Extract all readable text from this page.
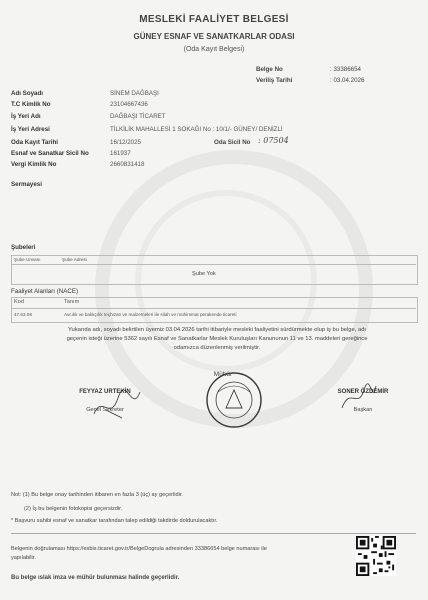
MESLEKİ FAALİYET BELGESİ
GÜNEY ESNAF VE SANATKARLAR ODASI
(Oda Kayıt Belgesi)
Belge No	: 33386654
Veriliş Tarihi	: 03.04.2026
Adı Soyadı	SİNEM DAĞBAŞI
T.C Kimlik No	23104667436
İş Yeri Adı	DAĞBAŞI TİCARET
İş Yeri Adresi	TİLKİLİK MAHALLESİ 1 SOKAĞI No : 10/1/- GÜNEY/ DENİZLİ
Oda Kayıt Tarihi	16/12/2025	Oda Sicil No : 07504
Esnaf ve Sanatkar Sicil No	161937
Vergi Kimlik No	2660831418
Sermayesi
Şubeleri
Şube Unvanı	Şube Adresi
Şube Yok
Faaliyet Alanları (NACE)
Kod	Tanım
47.63.08	Avcılık ve balıkçılık teçhizatı ve malzemeleri ile silah ve mühimmat perakende ticareti
Yukarıda adı, soyadı belirtilen üyemiz 03.04.2026 tarihi itibariyle mesleki faaliyetini sürdürmekte olup iş bu belge, adı
geçenin isteği üzerine 5362 sayılı Esnaf ve Sanatkarlar Meslek Kuruluşları Kanununun 11 ve 13. maddeleri gereğince
odamızca düzenlenmiş verilmiştir.
FEYYAZ URTEKİN
Genel Sekreter
Mühür
SONER ÖZDEMİR
Başkan
Not: (1) Bu belge onay tarihinden itibaren en fazla 3 (üç) ay geçerlidir.
(2) İş bu belgenin fotokopisi geçersizdir.
* Başvuru sahibi esnaf ve sanatkar tarafından talep edildiği takdirde doldurulacaktır.
Belgenin doğrulaması https://esbis.ticaret.gov.tr/BelgeDogrula adresinden 33386654 belge numarası ile
yapılabilir.
Bu belge ıslak imza ve mühür bulunması halinde geçerlidir.
